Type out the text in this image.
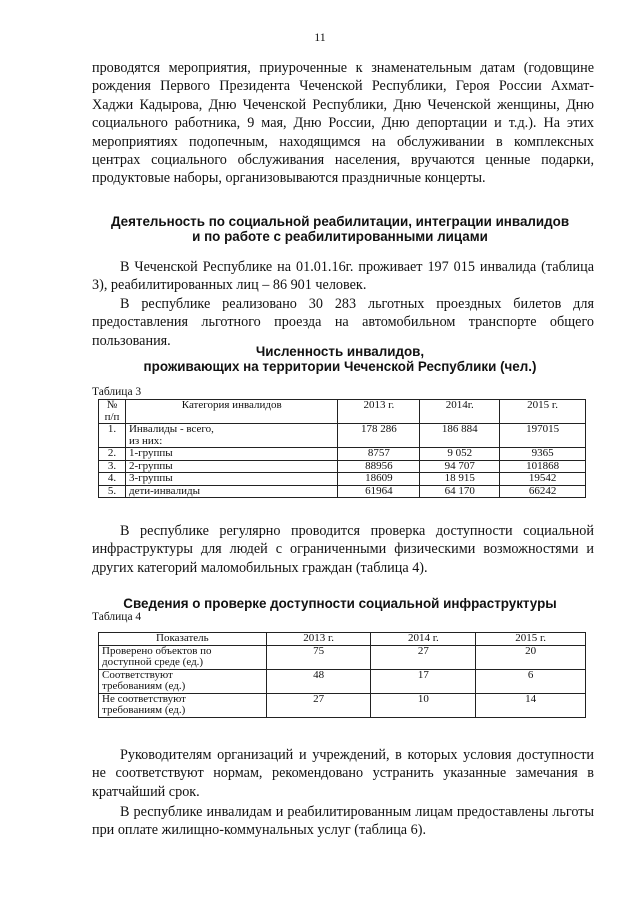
11

проводятся мероприятия, приуроченные к знаменательным датам (годовщине рождения Первого Президента Чеченской Республики, Героя России Ахмат-Хаджи Кадырова, Дню Чеченской Республики, Дню Чеченской женщины, Дню социального работника, 9 мая, Дню России, Дню депортации и т.д.). На этих мероприятиях подопечным, находящимся на обслуживании в комплексных центрах социального обслуживания населения, вручаются ценные подарки, продуктовые наборы, организовываются праздничные концерты.

Деятельность по социальной реабилитации, интеграции инвалидов
и по работе с реабилитированными лицами

В Чеченской Республике на 01.01.16г. проживает 197 015 инвалида (таблица 3), реабилитированных лиц – 86 901 человек.

В республике реализовано 30 283 льготных проездных билетов для предоставления льготного проезда на автомобильном транспорте общего пользования.

Численность инвалидов,
проживающих на территории Чеченской Республики (чел.)

Таблица 3
№
п/п	Категория инвалидов	2013 г.	2014г.	2015 г.
1.	Инвалиды - всего,
из них:	178 286	186 884	197015
2.	1-группы	8757	9 052	9365
3.	2-группы	88956	94 707	101868
4.	3-группы	18609	18 915	19542
5.	дети-инвалиды	61964	64 170	66242

В республике регулярно проводится проверка доступности социальной инфраструктуры для людей с ограниченными физическими возможностями и других категорий маломобильных граждан (таблица 4).

Сведения о проверке доступности социальной инфраструктуры

Таблица 4
Показатель	2013 г.	2014 г.	2015 г.
Проверено объектов по
доступной среде (ед.)	75	27	20
Соответствуют
требованиям (ед.)	48	17	6
Не соответствуют
требованиям (ед.)	27	10	14

Руководителям организаций и учреждений, в которых условия доступности не соответствуют нормам, рекомендовано устранить указанные замечания в кратчайший срок.

В республике инвалидам и реабилитированным лицам предоставлены льготы при оплате жилищно-коммунальных услуг (таблица 6).
